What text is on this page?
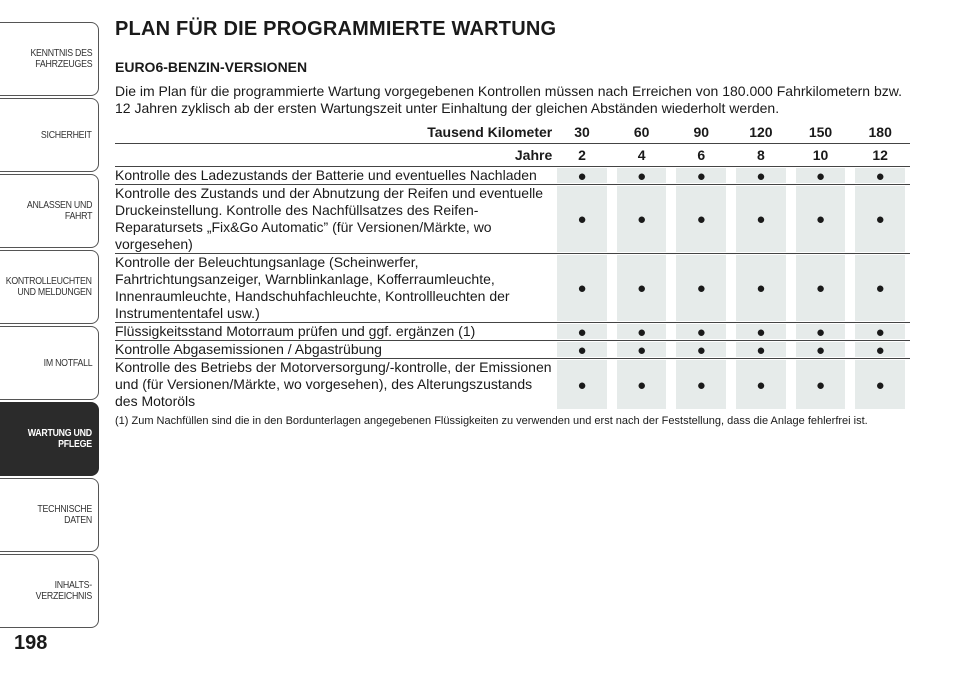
KENNTNIS DES
FAHRZEUGES
SICHERHEIT
ANLASSEN UND
FAHRT
KONTROLLEUCHTEN
UND MELDUNGEN
IM NOTFALL
WARTUNG UND
PFLEGE
TECHNISCHE DATEN
INHALTS-
VERZEICHNIS
198
PLAN FÜR DIE PROGRAMMIERTE WARTUNG
EURO6-BENZIN-VERSIONEN

Die im Plan für die programmierte Wartung vorgegebenen Kontrollen müssen nach Erreichen von 180.000 Fahrkilometern bzw. 12 Jahren zyklisch ab der ersten Wartungszeit unter Einhaltung der gleichen Abständen wiederholt werden.

Tausend Kilometer	30	60	90	120	150	180
Jahre	2	4	6	8	10	12
Kontrolle des Ladezustands der Batterie und eventuelles Nachladen	●	●	●	●	●	●
Kontrolle des Zustands und der Abnutzung der Reifen und eventuelle Druckeinstellung. Kontrolle des Nachfüllsatzes des Reifen-Reparatursets „Fix&Go Automatic” (für Versionen/Märkte, wo vorgesehen)	●	●	●	●	●	●
Kontrolle der Beleuchtungsanlage (Scheinwerfer, Fahrtrichtungsanzeiger, Warnblinkanlage, Kofferraumleuchte, Innenraumleuchte, Handschuhfachleuchte, Kontrollleuchten der Instrumententafel usw.)	●	●	●	●	●	●
Flüssigkeitsstand Motorraum prüfen und ggf. ergänzen (1)	●	●	●	●	●	●
Kontrolle Abgasemissionen / Abgastrübung	●	●	●	●	●	●
Kontrolle des Betriebs der Motorversorgung/-kontrolle, der Emissionen und (für Versionen/Märkte, wo vorgesehen), des Alterungszustands des Motoröls	●	●	●	●	●	●
(1) Zum Nachfüllen sind die in den Bordunterlagen angegebenen Flüssigkeiten zu verwenden und erst nach der Feststellung, dass die Anlage fehlerfrei ist.
